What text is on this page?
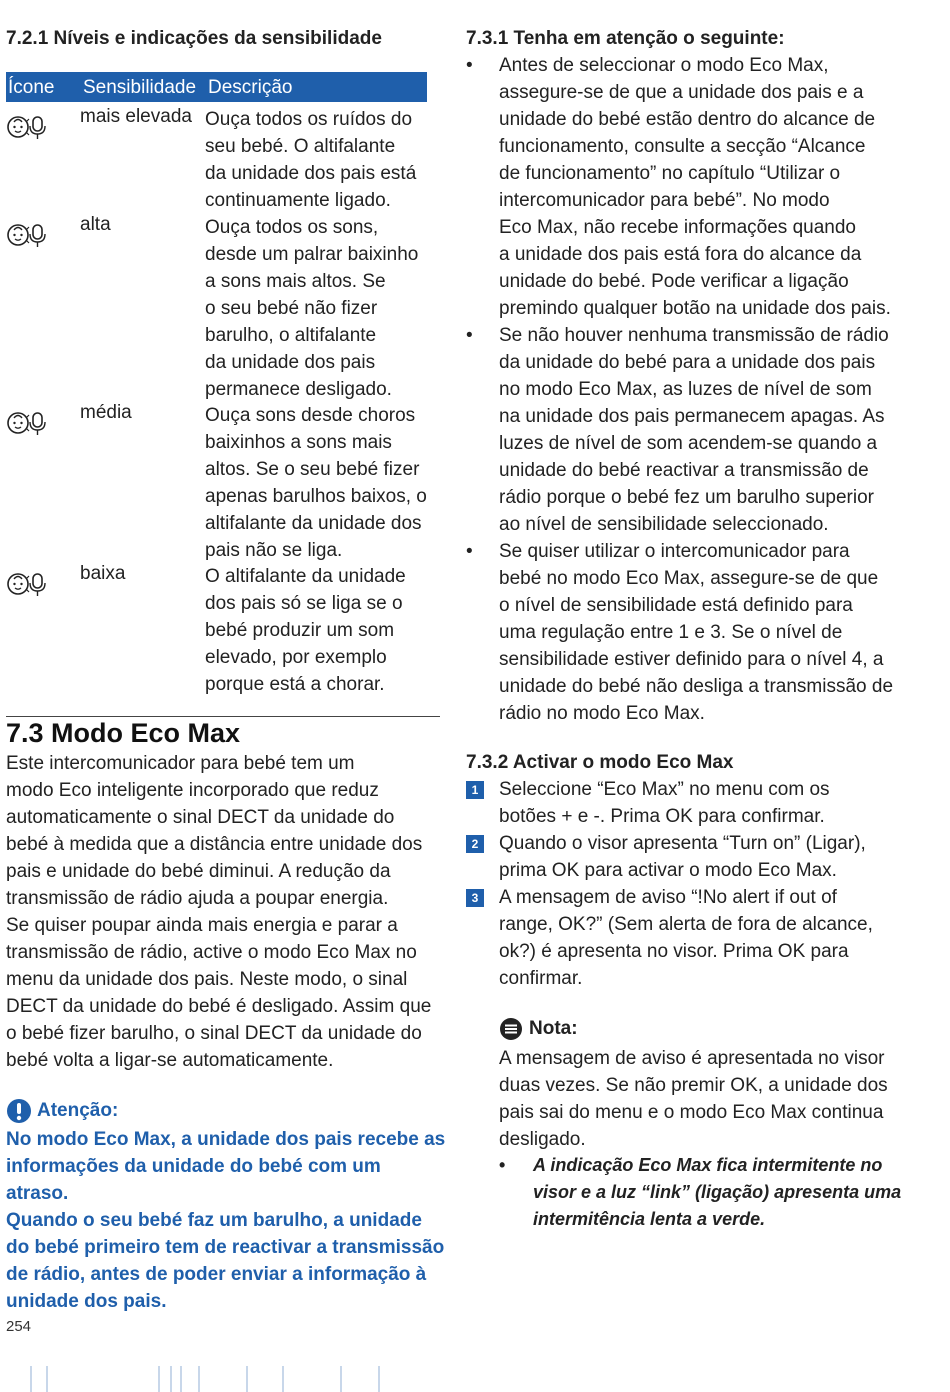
7.2.1 Níveis e indicações da sensibilidade
Ícone Sensibilidade Descrição
mais elevada Ouça todos os ruídos do
seu bebé. O altifalante
da unidade dos pais está
continuamente ligado.
alta	Ouça todos os sons,
desde um palrar baixinho
a sons mais altos. Se
o seu bebé não fizer
barulho, o altifalante
da unidade dos pais
permanece desligado.
média	Ouça sons desde choros
baixinhos a sons mais
altos. Se o seu bebé fizer
apenas barulhos baixos, o
altifalante da unidade dos
pais não se liga.
baixa	O altifalante da unidade
dos pais só se liga se o
bebé produzir um som
elevado, por exemplo
porque está a chorar.
7.3 Modo Eco Max
Este intercomunicador para bebé tem um
modo Eco inteligente incorporado que reduz
automaticamente o sinal DECT da unidade do
bebé à medida que a distância entre unidade dos
pais e unidade do bebé diminui. A redução da
transmissão de rádio ajuda a poupar energia.
Se quiser poupar ainda mais energia e parar a
transmissão de rádio, active o modo Eco Max no
menu da unidade dos pais. Neste modo, o sinal
DECT da unidade do bebé é desligado. Assim que
o bebé fizer barulho, o sinal DECT da unidade do
bebé volta a ligar-se automaticamente.
Atenção:
No modo Eco Max, a unidade dos pais recebe as
informações da unidade do bebé com um atraso.
Quando o seu bebé faz um barulho, a unidade
do bebé primeiro tem de reactivar a transmissão
de rádio, antes de poder enviar a informação à
unidade dos pais.
254
7.3.1 Tenha em atenção o seguinte:
• Antes de seleccionar o modo Eco Max,
assegure-se de que a unidade dos pais e a
unidade do bebé estão dentro do alcance de
funcionamento, consulte a secção “Alcance
de funcionamento” no capítulo “Utilizar o
intercomunicador para bebé”. No modo
Eco Max, não recebe informações quando
a unidade dos pais está fora do alcance da
unidade do bebé. Pode verificar a ligação
premindo qualquer botão na unidade dos pais.
• Se não houver nenhuma transmissão de rádio
da unidade do bebé para a unidade dos pais
no modo Eco Max, as luzes de nível de som
na unidade dos pais permanecem apagas. As
luzes de nível de som acendem-se quando a
unidade do bebé reactivar a transmissão de
rádio porque o bebé fez um barulho superior
ao nível de sensibilidade seleccionado.
• Se quiser utilizar o intercomunicador para
bebé no modo Eco Max, assegure-se de que
o nível de sensibilidade está definido para
uma regulação entre 1 e 3. Se o nível de
sensibilidade estiver definido para o nível 4, a
unidade do bebé não desliga a transmissão de
rádio no modo Eco Max.
7.3.2 Activar o modo Eco Max
1 Seleccione “Eco Max” no menu com os
botões + e -. Prima OK para confirmar.
2 Quando o visor apresenta “Turn on” (Ligar),
prima OK para activar o modo Eco Max.
3 A mensagem de aviso “!No alert if out of
range, OK?” (Sem alerta de fora de alcance,
ok?) é apresenta no visor. Prima OK para
confirmar.
Nota:
A mensagem de aviso é apresentada no visor
duas vezes. Se não premir OK, a unidade dos
pais sai do menu e o modo Eco Max continua
desligado.
• A indicação Eco Max fica intermitente no
visor e a luz “link” (ligação) apresenta uma
intermitência lenta a verde.
